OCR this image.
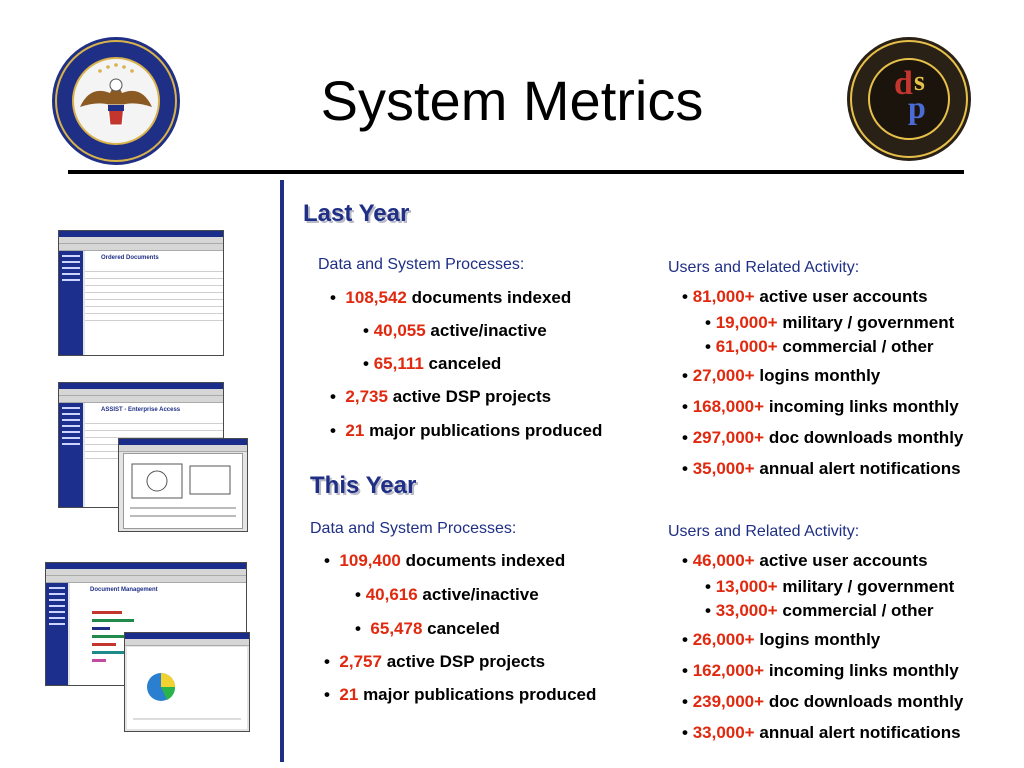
System Metrics	d
p
s
Ordered Documents
ASSIST - Enterprise Access
Document Management
Last Year
Data and System Processes:
•  108,542 documents indexed
• 40,055 active/inactive
• 65,111 canceled
•  2,735 active DSP projects
•  21 major publications produced
Users and Related Activity:
• 81,000+ active user accounts
• 19,000+ military / government
• 61,000+ commercial / other
• 27,000+ logins monthly
• 168,000+ incoming links monthly
• 297,000+ doc downloads monthly
• 35,000+ annual alert notifications
This Year
Data and System Processes:
•  109,400 documents indexed
• 40,616 active/inactive
•  65,478 canceled
•  2,757 active DSP projects
•  21 major publications produced
Users and Related Activity:
• 46,000+ active user accounts
• 13,000+ military / government
• 33,000+ commercial / other
• 26,000+ logins monthly
• 162,000+ incoming links monthly
• 239,000+ doc downloads monthly
• 33,000+ annual alert notifications
